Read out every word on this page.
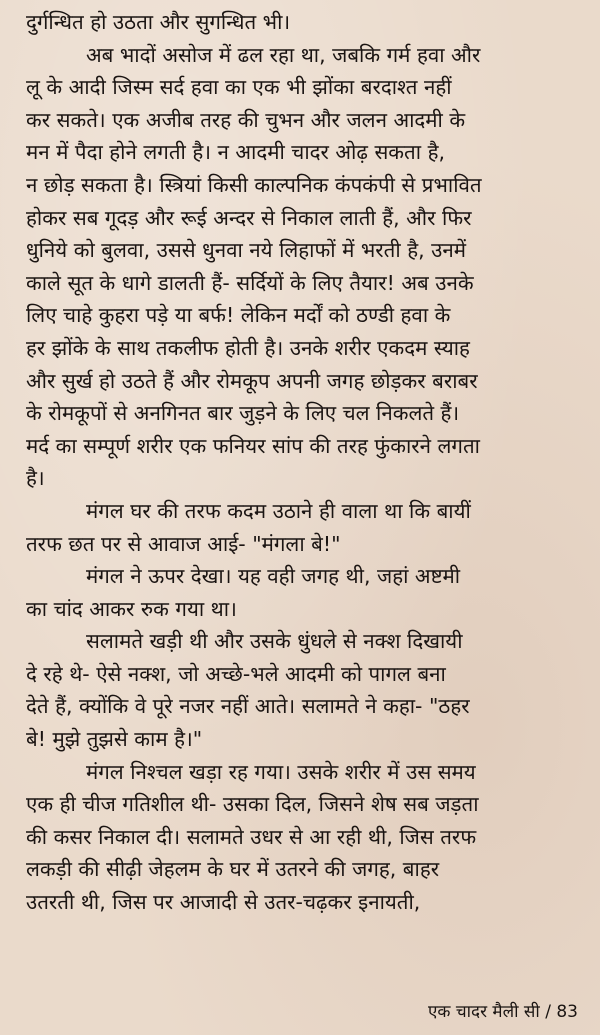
दुर्गन्धित हो उठता और सुगन्धित भी।
अब भादों असोज में ढल रहा था, जबकि गर्म हवा और
लू के आदी जिस्म सर्द हवा का एक भी झोंका बरदाश्त नहीं
कर सकते। एक अजीब तरह की चुभन और जलन आदमी के
मन में पैदा होने लगती है। न आदमी चादर ओढ़ सकता है,
न छोड़ सकता है। स्त्रियां किसी काल्पनिक कंपकंपी से प्रभावित
होकर सब गूदड़ और रूई अन्दर से निकाल लाती हैं, और फिर
धुनिये को बुलवा, उससे धुनवा नये लिहाफों में भरती है, उनमें
काले सूत के धागे डालती हैं- सर्दियों के लिए तैयार! अब उनके
लिए चाहे कुहरा पड़े या बर्फ! लेकिन मर्दों को ठण्डी हवा के
हर झोंके के साथ तकलीफ होती है। उनके शरीर एकदम स्याह
और सुर्ख हो उठते हैं और रोमकूप अपनी जगह छोड़कर बराबर
के रोमकूपों से अनगिनत बार जुड़ने के लिए चल निकलते हैं।
मर्द का सम्पूर्ण शरीर एक फनियर सांप की तरह फुंकारने लगता
है।
मंगल घर की तरफ कदम उठाने ही वाला था कि बायीं
तरफ छत पर से आवाज आई- "मंगला बे!"
मंगल ने ऊपर देखा। यह वही जगह थी, जहां अष्टमी
का चांद आकर रुक गया था।
सलामते खड़ी थी और उसके धुंधले से नक्श दिखायी
दे रहे थे- ऐसे नक्श, जो अच्छे-भले आदमी को पागल बना
देते हैं, क्योंकि वे पूरे नजर नहीं आते। सलामते ने कहा- "ठहर
बे! मुझे तुझसे काम है।"
मंगल निश्चल खड़ा रह गया। उसके शरीर में उस समय
एक ही चीज गतिशील थी- उसका दिल, जिसने शेष सब जड़ता
की कसर निकाल दी। सलामते उधर से आ रही थी, जिस तरफ
लकड़ी की सीढ़ी जेहलम के घर में उतरने की जगह, बाहर
उतरती थी, जिस पर आजादी से उतर-चढ़कर इनायती,
एक चादर मैली सी / 83
